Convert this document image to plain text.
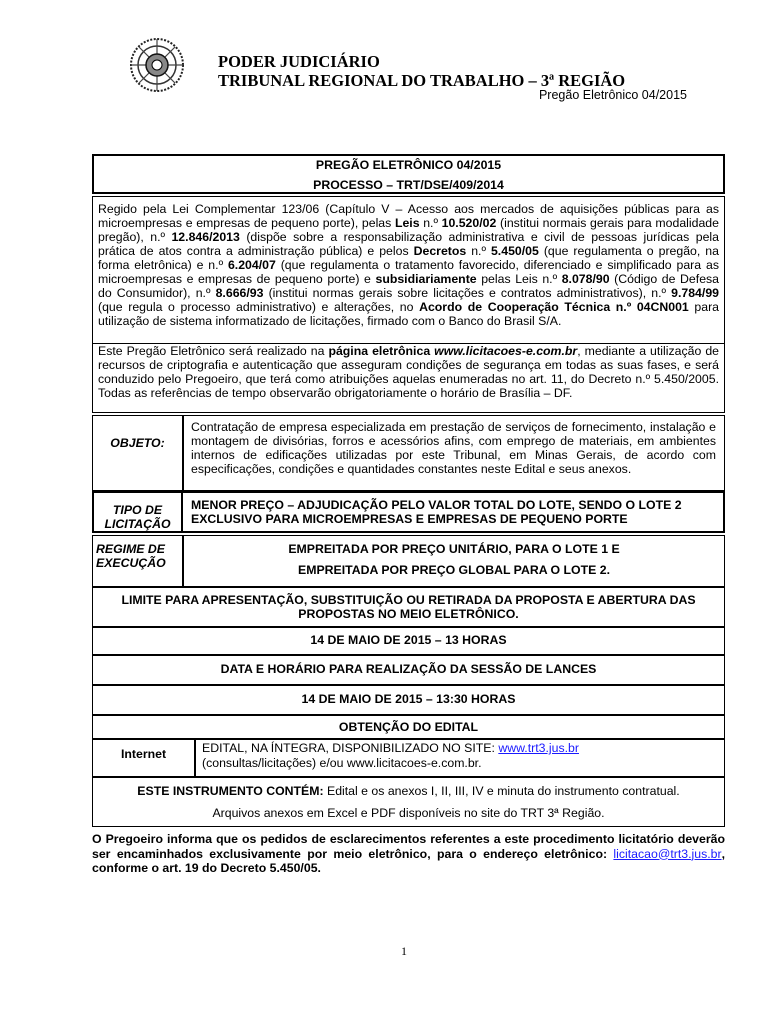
PODER JUDICIÁRIO
TRIBUNAL REGIONAL DO TRABALHO – 3ª REGIÃO
Pregão Eletrônico 04/2015
PREGÃO ELETRÔNICO 04/2015
PROCESSO – TRT/DSE/409/2014
Regido pela Lei Complementar 123/06 (Capítulo V – Acesso aos mercados de aquisições públicas para as microempresas e empresas de pequeno porte), pelas Leis n.º 10.520/02 (institui normais gerais para modalidade pregão), n.º 12.846/2013 (dispõe sobre a responsabilização administrativa e civil de pessoas jurídicas pela prática de atos contra a administração pública) e pelos Decretos n.º 5.450/05 (que regulamenta o pregão, na forma eletrônica) e n.º 6.204/07 (que regulamenta o tratamento favorecido, diferenciado e simplificado para as microempresas e empresas de pequeno porte) e subsidiariamente pelas Leis n.º 8.078/90 (Código de Defesa do Consumidor), n.º 8.666/93 (institui normas gerais sobre licitações e contratos administrativos), n.º 9.784/99 (que regula o processo administrativo) e alterações, no Acordo de Cooperação Técnica n.º 04CN001 para utilização de sistema informatizado de licitações, firmado com o Banco do Brasil S/A.
Este Pregão Eletrônico será realizado na página eletrônica www.licitacoes-e.com.br, mediante a utilização de recursos de criptografia e autenticação que asseguram condições de segurança em todas as suas fases, e será conduzido pelo Pregoeiro, que terá como atribuições aquelas enumeradas no art. 11, do Decreto n.º 5.450/2005. Todas as referências de tempo observarão obrigatoriamente o horário de Brasília – DF.
OBJETO:
Contratação de empresa especializada em prestação de serviços de fornecimento, instalação e montagem de divisórias, forros e acessórios afins, com emprego de materiais, em ambientes internos de edificações utilizadas por este Tribunal, em Minas Gerais, de acordo com especificações, condições e quantidades constantes neste Edital e seus anexos.
TIPO DE
LICITAÇÃO
MENOR PREÇO – ADJUDICAÇÃO PELO VALOR TOTAL DO LOTE, SENDO O LOTE 2 EXCLUSIVO PARA MICROEMPRESAS E EMPRESAS DE PEQUENO PORTE
REGIME DE
EXECUÇÃO
EMPREITADA POR PREÇO UNITÁRIO, PARA O LOTE 1 E
EMPREITADA POR PREÇO GLOBAL PARA O LOTE 2.
LIMITE PARA APRESENTAÇÃO, SUBSTITUIÇÃO OU RETIRADA DA PROPOSTA E ABERTURA DAS PROPOSTAS NO MEIO ELETRÔNICO.
14 DE MAIO DE 2015 – 13 HORAS
DATA E HORÁRIO PARA REALIZAÇÃO DA SESSÃO DE LANCES
14 DE MAIO DE 2015 – 13:30 HORAS
OBTENÇÃO DO EDITAL
Internet	EDITAL, NA ÍNTEGRA, DISPONIBILIZADO NO SITE: www.trt3.jus.br
(consultas/licitações) e/ou www.licitacoes-e.com.br.
ESTE INSTRUMENTO CONTÉM: Edital e os anexos I, II, III, IV e minuta do instrumento contratual.
Arquivos anexos em Excel e PDF disponíveis no site do TRT 3ª Região.
O Pregoeiro informa que os pedidos de esclarecimentos referentes a este procedimento licitatório deverão ser encaminhados exclusivamente por meio eletrônico, para o endereço eletrônico: licitacao@trt3.jus.br, conforme o art. 19 do Decreto 5.450/05.
1
